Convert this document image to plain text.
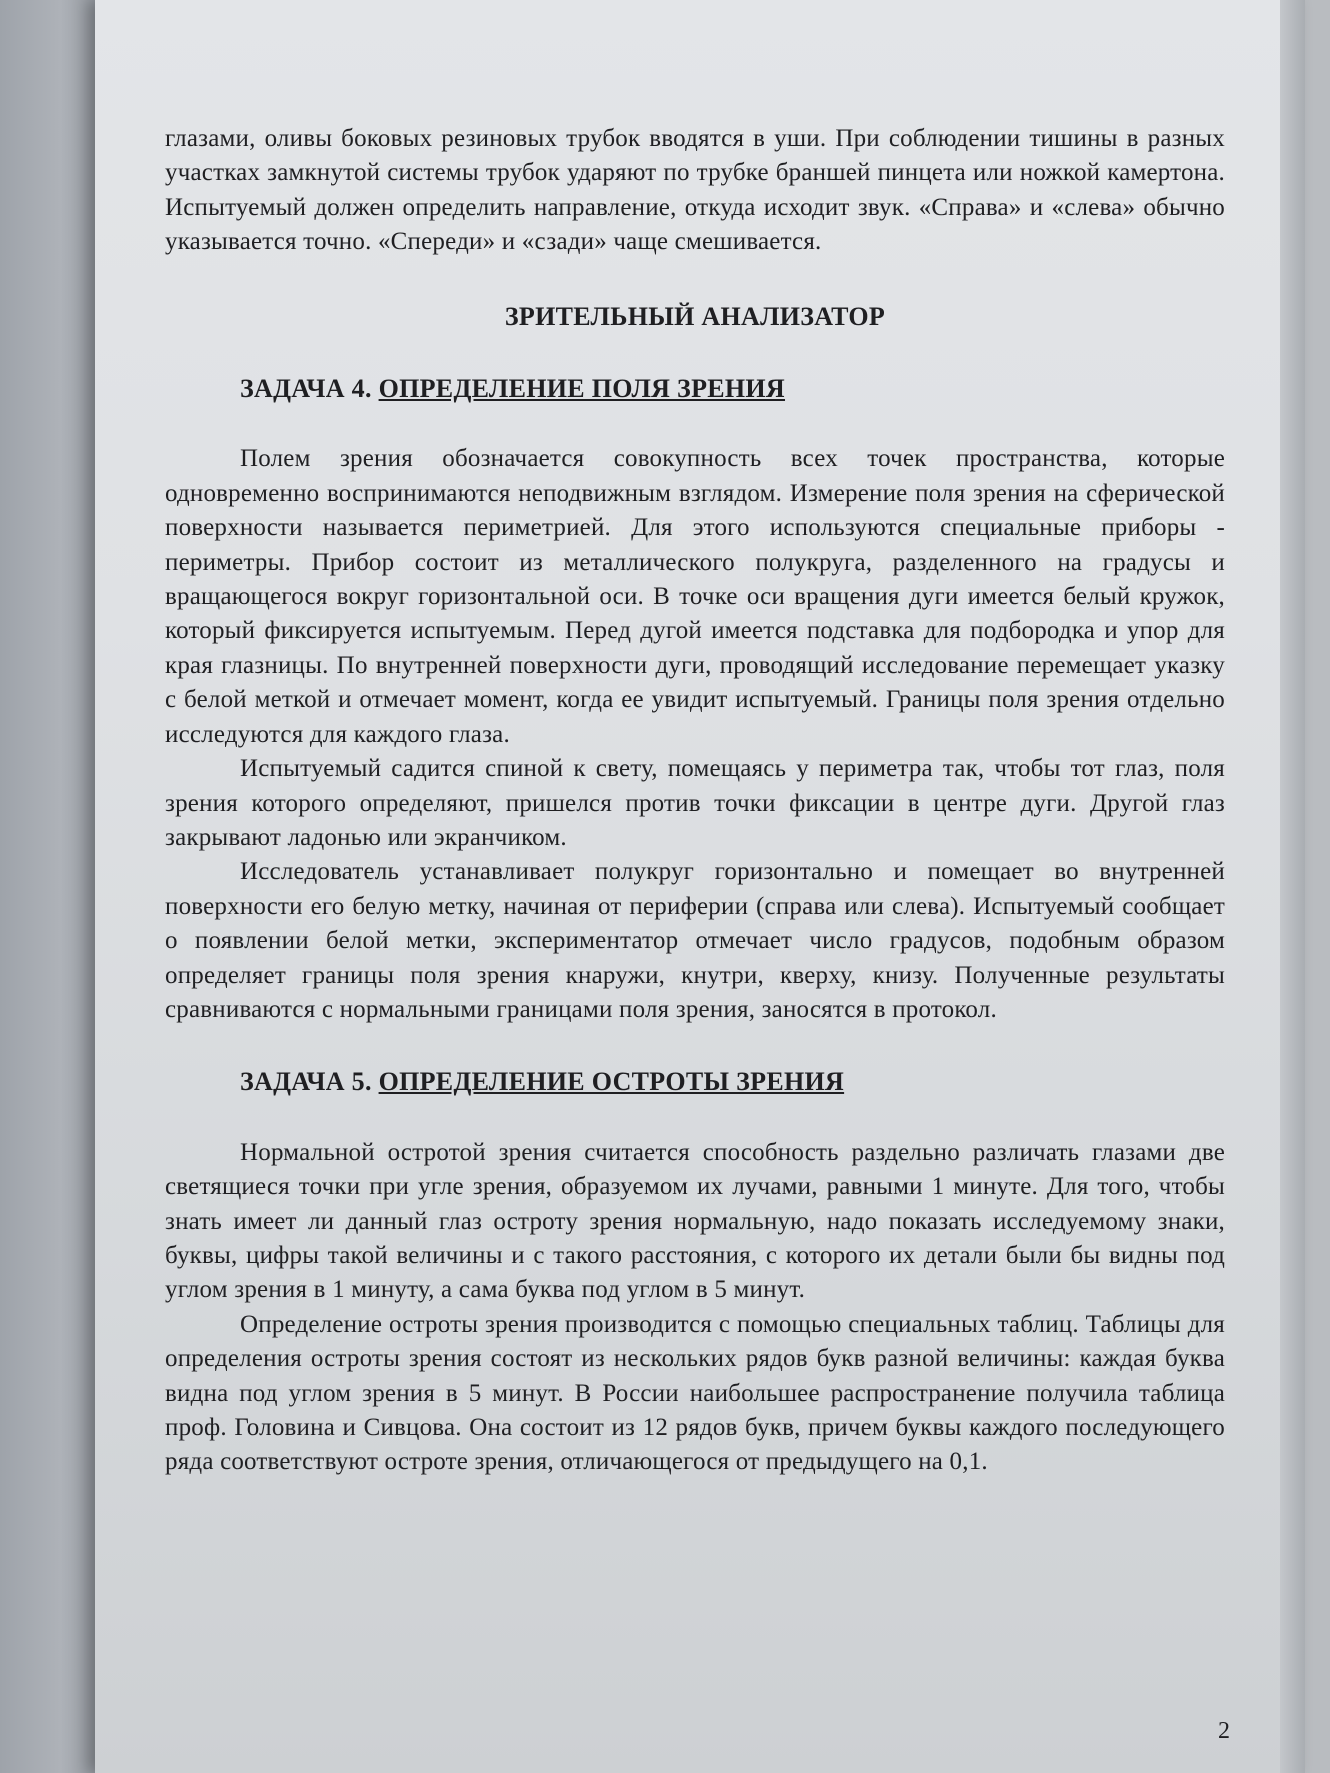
глазами, оливы боковых резиновых трубок вводятся в уши. При соблюдении тишины в разных участках замкнутой системы трубок ударяют по трубке браншей пинцета или ножкой камертона. Испытуемый должен определить направление, откуда исходит звук. «Справа» и «слева» обычно указывается точно. «Спереди» и «сзади» чаще смешивается.

ЗРИТЕЛЬНЫЙ АНАЛИЗАТОР
ЗАДАЧА 4. ОПРЕДЕЛЕНИЕ ПОЛЯ ЗРЕНИЯ

Полем зрения обозначается совокупность всех точек пространства, которые одновременно воспринимаются неподвижным взглядом. Измерение поля зрения на сферической поверхности называется периметрией. Для этого используются специальные приборы - периметры. Прибор состоит из металлического полукруга, разделенного на градусы и вращающегося вокруг горизонтальной оси. В точке оси вращения дуги имеется белый кружок, который фиксируется испытуемым. Перед дугой имеется подставка для подбородка и упор для края глазницы. По внутренней поверхности дуги, проводящий исследование перемещает указку с белой меткой и отмечает момент, когда ее увидит испытуемый. Границы поля зрения отдельно исследуются для каждого глаза.

Испытуемый садится спиной к свету, помещаясь у периметра так, чтобы тот глаз, поля зрения которого определяют, пришелся против точки фиксации в центре дуги. Другой глаз закрывают ладонью или экранчиком.

Исследователь устанавливает полукруг горизонтально и помещает во внутренней поверхности его белую метку, начиная от периферии (справа или слева). Испытуемый сообщает о появлении белой метки, экспериментатор отмечает число градусов, подобным образом определяет границы поля зрения кнаружи, кнутри, кверху, книзу. Полученные результаты сравниваются с нормальными границами поля зрения, заносятся в протокол.

ЗАДАЧА 5. ОПРЕДЕЛЕНИЕ ОСТРОТЫ ЗРЕНИЯ

Нормальной остротой зрения считается способность раздельно различать глазами две светящиеся точки при угле зрения, образуемом их лучами, равными 1 минуте. Для того, чтобы знать имеет ли данный глаз остроту зрения нормальную, надо показать исследуемому знаки, буквы, цифры такой величины и с такого расстояния, с которого их детали были бы видны под углом зрения в 1 минуту, а сама буква под углом в 5 минут.

Определение остроты зрения производится с помощью специальных таблиц. Таблицы для определения остроты зрения состоят из нескольких рядов букв разной величины: каждая буква видна под углом зрения в 5 минут. В России наибольшее распространение получила таблица проф. Головина и Сивцова. Она состоит из 12 рядов букв, причем буквы каждого последующего ряда соответствуют остроте зрения, отличающегося от предыдущего на 0,1.

2
